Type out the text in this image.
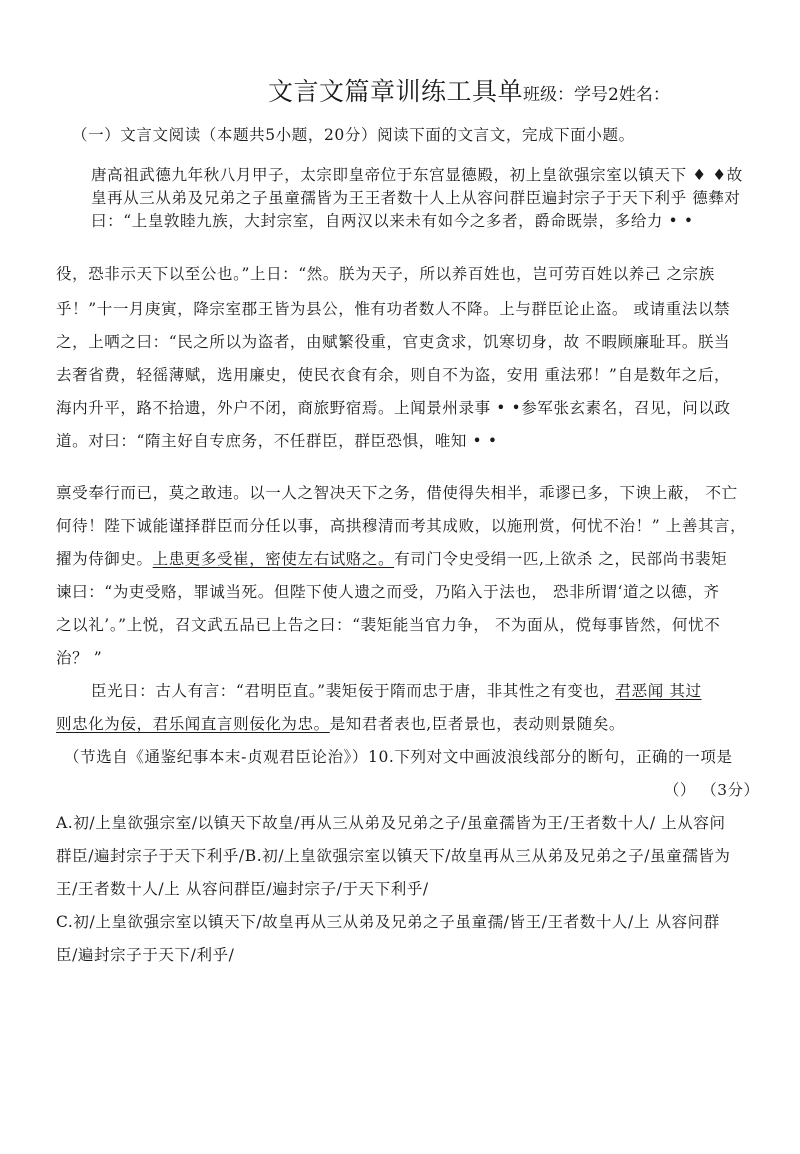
文言文篇章训练工具单班级：学号2姓名：
（一）文言文阅读（本题共5小题，20分）阅读下面的文言文，完成下面小题。
唐高祖武德九年秋八月甲子，太宗即皇帝位于东宫显德殿，初上皇欲强宗室以镇天下 ♦ ♦故
皇再从三从弟及兄弟之子虽童孺皆为王王者数十人上从容问群臣遍封宗子于天下利乎 德彝对
曰：“上皇敦睦九族，大封宗室，自两汉以来未有如今之多者，爵命既崇，多给力 • •
役，恐非示天下以至公也。”上日：“然。朕为天子，所以养百姓也，岂可劳百姓以养己 之宗族
乎！”十一月庚寅，降宗室郡王皆为县公，惟有功者数人不降。上与群臣论止盗。 或请重法以禁
之，上哂之曰：“民之所以为盗者，由赋繁役重，官吏贪求，饥寒切身，故 不暇顾廉耻耳。朕当
去奢省费，轻徭薄赋，选用廉史，使民衣食有余，则自不为盗，安用 重法邪！”自是数年之后，
海内升平，路不拾遗，外户不闭，商旅野宿焉。上闻景州录事 • •参军张玄素名，召见，问以政
道。对曰：“隋主好自专庶务，不任群臣，群臣恐惧，唯知 • •
禀受奉行而已，莫之敢违。以一人之智决天下之务，借使得失相半，乖谬已多，下谀上蔽， 不亡
何待！陛下诚能谨择群臣而分任以事，高拱穆清而考其成败，以施刑赏，何忧不治！” 上善其言，
擢为侍御史。上患更多受崔，密使左右试赂之。有司门令史受绢一匹,上欲杀 之，民部尚书裴矩
谏曰：“为吏受赂，罪诚当死。但陛下使人遗之而受，乃陷入于法也， 恐非所谓‘道之以德，齐
之以礼’。”上悦，召文武五品已上告之曰：“裴矩能当官力争， 不为面从，傥每事皆然，何忧不
治？ ”
臣光日：古人有言：“君明臣直。”裴矩佞于隋而忠于唐，非其性之有变也，君恶闻 其过
则忠化为佞，君乐闻直言则佞化为忠。是知君者表也,臣者景也，表动则景随矣。
（节选自《通鉴纪事本末-贞观君臣论治》）10.下列对文中画波浪线部分的断句，正确的一项是
（） （3分）
A.初/上皇欲强宗室/以镇天下故皇/再从三从弟及兄弟之子/虽童孺皆为王/王者数十人/ 上从容问
群臣/遍封宗子于天下利乎/B.初/上皇欲强宗室以镇天下/故皇再从三从弟及兄弟之子/虽童孺皆为
王/王者数十人/上 从容问群臣/遍封宗子/于天下利乎/
C.初/上皇欲强宗室以镇天下/故皇再从三从弟及兄弟之子虽童孺/皆王/王者数十人/上 从容问群
臣/遍封宗子于天下/利乎/
